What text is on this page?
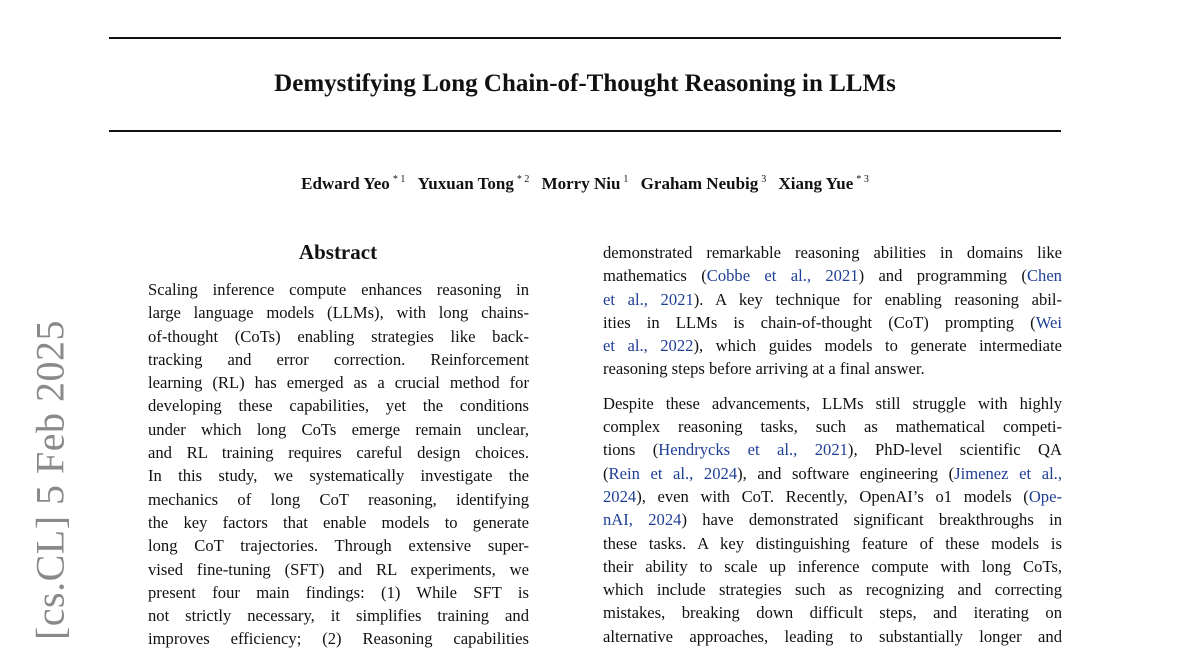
Demystifying Long Chain-of-Thought Reasoning in LLMs
Edward Yeo $^{* 1}$ Yuxuan Tong $^{* 2}$ Morry Niu $^1$ Graham Neubig $^3$ Xiang Yue $^{* 3}$
[cs.CL] 5 Feb 2025
Abstract
Scaling inference compute enhances reasoning in
large language models (LLMs), with long chains-
of-thought (CoTs) enabling strategies like back-
tracking and error correction. Reinforcement
learning (RL) has emerged as a crucial method for
developing these capabilities, yet the conditions
under which long CoTs emerge remain unclear,
and RL training requires careful design choices.
In this study, we systematically investigate the
mechanics of long CoT reasoning, identifying
the key factors that enable models to generate
long CoT trajectories. Through extensive super-
vised fine-tuning (SFT) and RL experiments, we
present four main findings: (1) While SFT is
not strictly necessary, it simplifies training and
improves efficiency; (2) Reasoning capabilities

demonstrated remarkable reasoning abilities in domains like
mathematics (Cobbe et al., 2021) and programming (Chen
et al., 2021). A key technique for enabling reasoning abil-
ities in LLMs is chain-of-thought (CoT) prompting (Wei
et al., 2022), which guides models to generate intermediate
reasoning steps before arriving at a final answer.

Despite these advancements, LLMs still struggle with highly
complex reasoning tasks, such as mathematical competi-
tions (Hendrycks et al., 2021), PhD-level scientific QA
(Rein et al., 2024), and software engineering (Jimenez et al.,
2024), even with CoT. Recently, OpenAI’s o1 models (Ope-
nAI, 2024) have demonstrated significant breakthroughs in
these tasks. A key distinguishing feature of these models is
their ability to scale up inference compute with long CoTs,
which include strategies such as recognizing and correcting
mistakes, breaking down difficult steps, and iterating on
alternative approaches, leading to substantially longer and
